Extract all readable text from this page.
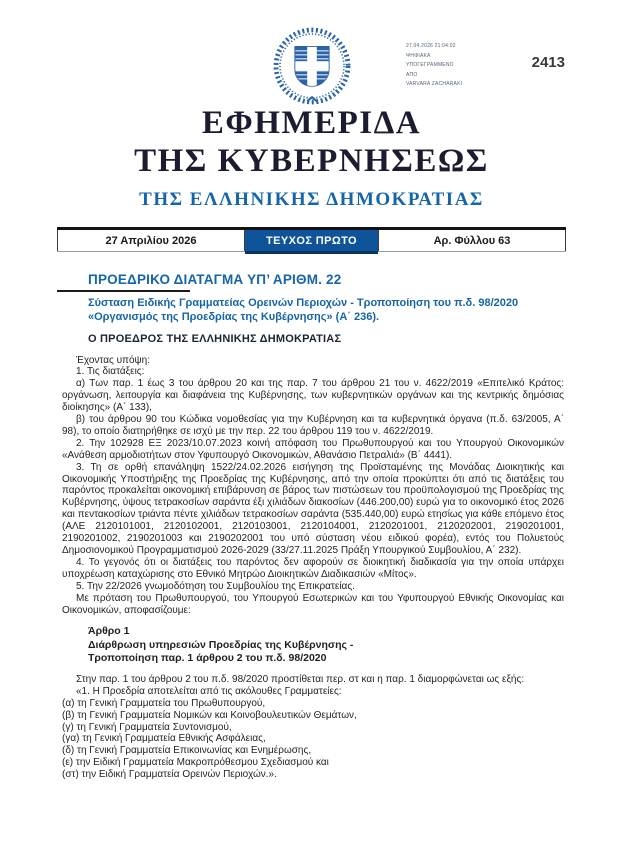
27.04.2026 21:04:02
ΨΗΦΙΑΚΑ
ΥΠΟΓΕΓΡΑΜΜΕΝΟ
ΑΠΟ
VARVARA ZACHARAKI
2413
ΕΦΗΜΕΡΙΔΑ
ΤΗΣ ΚΥΒΕΡΝΗΣΕΩΣ
ΤΗΣ ΕΛΛΗΝΙΚΗΣ ΔΗΜΟΚΡΑΤΙΑΣ
27 Απριλίου 2026	ΤΕΥΧΟΣ ΠΡΩΤΟ	Αρ. Φύλλου 63
ΠΡΟΕΔΡΙΚΟ ΔΙΑΤΑΓΜΑ ΥΠ’ ΑΡΙΘΜ. 22
Σύσταση Ειδικής Γραμματείας Ορεινών Περιοχών - Τροποποίηση του π.δ. 98/2020 «Οργανισμός της Προεδρίας της Κυβέρνησης» (Α΄ 236).
Ο ΠΡΟΕΔΡΟΣ ΤΗΣ ΕΛΛΗΝΙΚΗΣ ΔΗΜΟΚΡΑΤΙΑΣ

Έχοντας υπόψη:

1. Τις διατάξεις:

α) Των παρ. 1 έως 3 του άρθρου 20 και της παρ. 7 του άρθρου 21 του ν. 4622/2019 «Επιτελικό Κράτος: οργάνωση, λειτουργία και διαφάνεια της Κυβέρνησης, των κυβερνητικών οργάνων και της κεντρικής δημόσιας διοίκησης» (Α΄ 133),

β) του άρθρου 90 του Κώδικα νομοθεσίας για την Κυβέρνηση και τα κυβερνητικά όργανα (π.δ. 63/2005, Α΄ 98), το οποίο διατηρήθηκε σε ισχύ με την περ. 22 του άρθρου 119 του ν. 4622/2019.

2. Την 102928 ΕΞ 2023/10.07.2023 κοινή απόφαση του Πρωθυπουργού και του Υπουργού Οικονομικών «Ανάθεση αρμοδιοτήτων στον Υφυπουργό Οικονομικών, Αθανάσιο Πετραλιά» (Β΄ 4441).

3. Τη σε ορθή επανάληψη 1522/24.02.2026 εισήγηση της Προϊσταμένης της Μονάδας Διοικητικής και Οικονομικής Υποστήριξης της Προεδρίας της Κυβέρνησης, από την οποία προκύπτει ότι από τις διατάξεις του παρόντος προκαλείται οικονομική επιβάρυνση σε βάρος των πιστώσεων του προϋπολογισμού της Προεδρίας της Κυβέρνησης, ύψους τετρακοσίων σαράντα έξι χιλιάδων διακοσίων (446.200,00) ευρώ για το οικονομικό έτος 2026 και πεντακοσίων τριάντα πέντε χιλιάδων τετρακοσίων σαράντα (535.440,00) ευρώ ετησίως για κάθε επόμενο έτος (ΑΛΕ 2120101001, 2120102001, 2120103001, 2120104001, 2120201001, 2120202001, 2190201001, 2190201002, 2190201003 και 2190202001 του υπό σύσταση νέου ειδικού φορέα), εντός του Πολυετούς Δημοσιονομικού Προγραμματισμού 2026-2029 (33/27.11.2025 Πράξη Υπουργικού Συμβουλίου, Α΄ 232).

4. Το γεγονός ότι οι διατάξεις του παρόντος δεν αφορούν σε διοικητική διαδικασία για την οποία υπάρχει υποχρέωση καταχώρισης στο Εθνικό Μητρώο Διοικητικών Διαδικασιών «Μίτος».

5. Την 22/2026 γνωμοδότηση του Συμβουλίου της Επικρατείας.

Με πρόταση του Πρωθυπουργού, του Υπουργού Εσωτερικών και του Υφυπουργού Εθνικής Οικονομίας και Οικονομικών, αποφασίζουμε:

Άρθρο 1
Διάρθρωση υπηρεσιών Προεδρίας της Κυβέρνησης -
Τροποποίηση παρ. 1 άρθρου 2 του π.δ. 98/2020

Στην παρ. 1 του άρθρου 2 του π.δ. 98/2020 προστίθεται περ. στ και η παρ. 1 διαμορφώνεται ως εξής:

«1. Η Προεδρία αποτελείται από τις ακόλουθες Γραμματείες:

(α) τη Γενική Γραμματεία του Πρωθυπουργού,

(β) τη Γενική Γραμματεία Νομικών και Κοινοβουλευτικών Θεμάτων,

(γ) τη Γενική Γραμματεία Συντονισμού,

(γα) τη Γενική Γραμματεία Εθνικής Ασφάλειας,

(δ) τη Γενική Γραμματεία Επικοινωνίας και Ενημέρωσης,

(ε) την Ειδική Γραμματεία Μακροπρόθεσμου Σχεδιασμού και

(στ) την Ειδική Γραμματεία Ορεινών Περιοχών.».
